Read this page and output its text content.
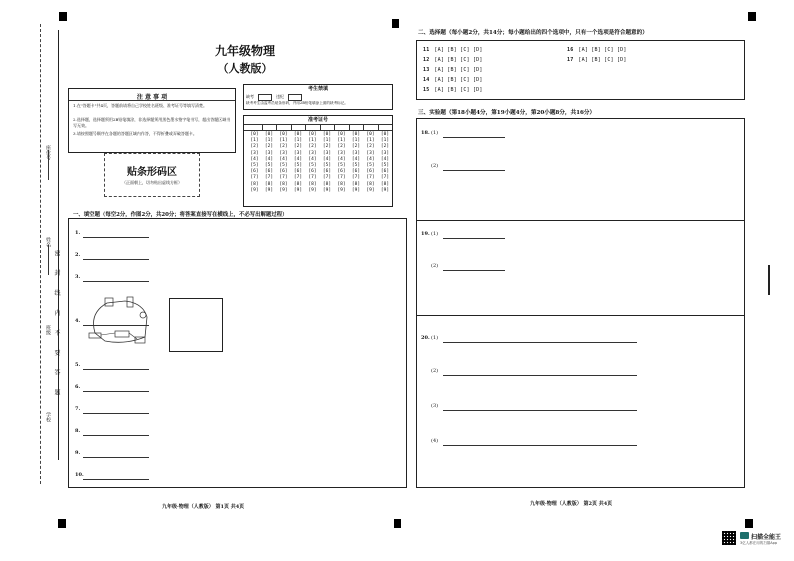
座位号
姓名
班级
学校
密 封 线 内 不 要 答 题
九年级物理
（人教版）
注 意 事 项
1.在"答题卡"共4页，答题前请将自己学校姓名班级、准考证号等填写清楚。
2.选择题，选择题须用2B铅笔填涂，非选择题须用黑色墨水签字笔书写，超出答题区域书写无效。
3.请按照题号顺序在各题的答题区域内作答，不得折叠或弄破答题卡。
贴条形码区
（正面朝上，切勿贴出虚线方框）
考生禁填
缺考	违纪
缺考考生由监考员贴条形码，并用2B铅笔填涂上面的缺考标记。
准考证号
[0]
[1]
[2]
[3]
[4]
[5]
[6]
[7]
[8]
[9]
[0]
[1]
[2]
[3]
[4]
[5]
[6]
[7]
[8]
[9]
[0]
[1]
[2]
[3]
[4]
[5]
[6]
[7]
[8]
[9]
[0]
[1]
[2]
[3]
[4]
[5]
[6]
[7]
[8]
[9]
[0]
[1]
[2]
[3]
[4]
[5]
[6]
[7]
[8]
[9]
[0]
[1]
[2]
[3]
[4]
[5]
[6]
[7]
[8]
[9]
[0]
[1]
[2]
[3]
[4]
[5]
[6]
[7]
[8]
[9]
[0]
[1]
[2]
[3]
[4]
[5]
[6]
[7]
[8]
[9]
[0]
[1]
[2]
[3]
[4]
[5]
[6]
[7]
[8]
[9]
[0]
[1]
[2]
[3]
[4]
[5]
[6]
[7]
[8]
[9]
一、填空题（每空2分，作图2分，共20分；将答案直接写在横线上，不必写出解题过程）
1.
2.
3.
4.
5.
6.
7.
8.
9.
10.
九年级·物理（人教版） 第1页 共4页	九年级·物理（人教版） 第2页 共4页
二、选择题（每小题2分，共14分；每小题给出的四个选项中，只有一个选项是符合题意的）
11 [A] [B] [C] [D]
12 [A] [B] [C] [D]
13 [A] [B] [C] [D]
14 [A] [B] [C] [D]
15 [A] [B] [C] [D]
16 [A] [B] [C] [D]
17 [A] [B] [C] [D]
三、实验题（第18小题4分，第19小题4分，第20小题8分，共16分）
18. (1)
(2)
19. (1)
(2)
20. (1)
(2)
(3)
(4)
扫描全能王
3亿人都在用的扫描App
